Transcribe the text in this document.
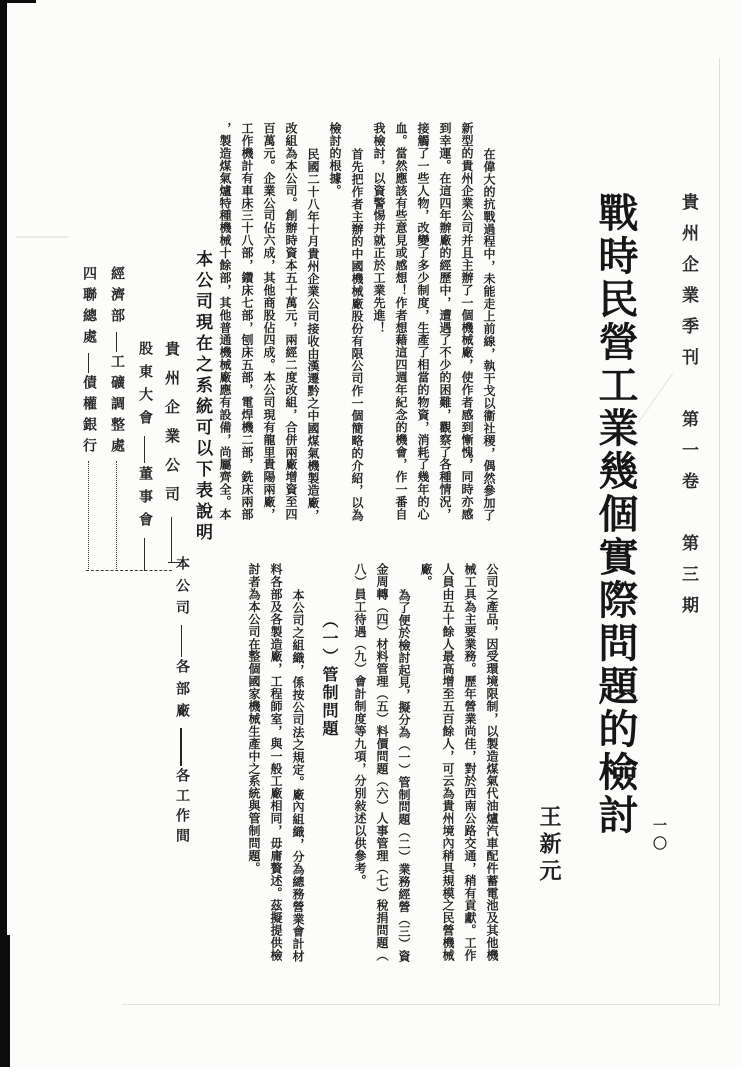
貴州企業季刊　第一卷　第三期
戰時民營工業幾個實際問題的檢討
王新元	一〇
在偉大的抗戰過程中，未能走上前線，執干戈以衞社稷，偶然參加了
新型的貴州企業公司并且主辦了一個機械廠，使作者感到慚愧，同時亦感
到幸運。在這四年辦廠的經歷中，遭遇了不少的困難，觀察了各種情況，
接觸了一些人物，改變了多少制度，生產了相當的物資，消耗了幾年的心
血。當然應該有些意見或感想！作者想藉這四週年紀念的機會，作一番自
我檢討，以資警惕并就正於工業先進！
首先把作者主辦的中國機械廠股份有限公司作一個簡略的介紹，以為
檢討的根據。
民國二十八年十月貴州企業公司接收由漢遷黔之中國煤氣機製造廠，
改組為本公司。創辦時資本五十萬元，兩經二度改組，合併兩廠增資至四
百萬元。企業公司佔六成，其他商股佔四成。本公司現有龍里貴陽兩廠，
工作機計有車床三十八部，鑽床七部，刨床五部，電焊機二部，銑床兩部
，製造煤氣爐特種機械十餘部，其他普通機械廠應有設備，尚屬齊全。本
本公司現在之系統可以下表說明
公司之產品，因受環境限制，以製造煤氣代油爐汽車配件蓄電池及其他機
械工具為主要業務。歷年營業尚佳，對於西南公路交通，稍有貢獻。工作
人員由五十餘人最高增至五百餘人，可云為貴州境內稍具規模之民營機械
廠。
為了便於檢討起見，擬分為（一）管制問題（二）業務經營（三）資
金周轉（四）材料管理（五）料價問題（六）人事管理（七）稅捐問題（
八）員工待遇（九）會計制度等九項，分別敍述以供參考。
（一）管制問題
本公司之組織，係按公司法之規定。廠內組織，分為總務營業會計材
料各部及各製造廠，工程師室，與一般工廠相同，毋庸贅述。茲擬提供檢
討者為本公司在整個國家機械生產中之系統與管制問題。
貴州企業公司
股東大會
董事會
經濟部
工礦調整處
四聯總處
債權銀行
本公司
各部廠
各工作間
